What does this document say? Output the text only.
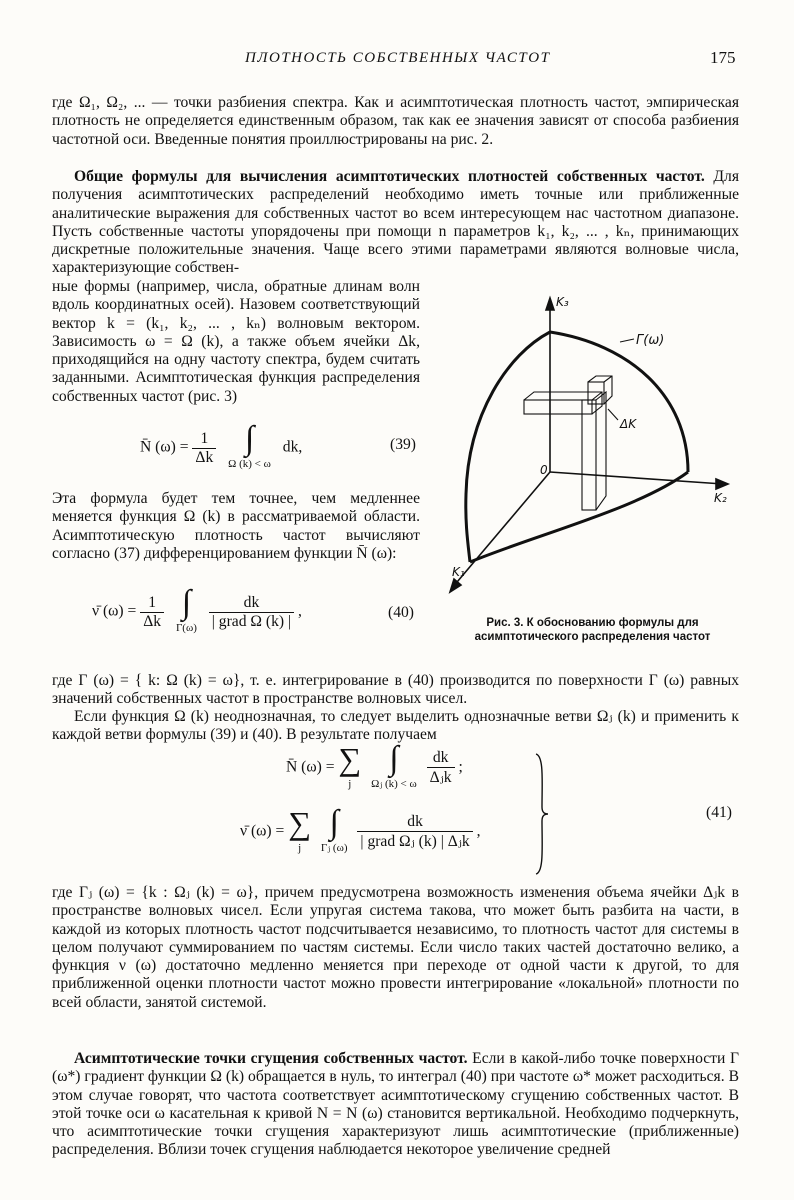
ПЛОТНОСТЬ СОБСТВЕННЫХ ЧАСТОТ	175

где Ω₁, Ω₂, ... — точки разбиения спектра. Как и асимптотическая плотность частот, эмпирическая плотность не определяется единственным образом, так как ее значения зависят от способа разбиения частотной оси. Введенные понятия проиллюстрированы на рис. 2.

Общие формулы для вычисления асимптотических плотностей собственных частот. Для получения асимптотических распределений необходимо иметь точные или приближенные аналитические выражения для собственных частот во всем интересующем нас частотном диапазоне. Пусть собственные частоты упорядочены при помощи n параметров k₁, k₂, ... , kₙ, принимающих дискретные положительные значения. Чаще всего этими параметрами являются волновые числа, характеризующие собствен-

ные формы (например, числа, обратные длинам волн вдоль координатных осей). Назовем соответствующий вектор k = (k₁, k₂, ... , kₙ) волновым вектором. Зависимость ω = Ω (k), а также объем ячейки Δk, приходящийся на одну частоту спектра, будем считать заданными. Асимптотическая функция распределения собственных частот (рис. 3)

N̄ $(\omega) = \frac{1}{\Delta k}$ ∫
Ω (k) < ω dk,	(39)

Эта формула будет тем точнее, чем медленнее меняется функция Ω (k) в рассматриваемой области. Асимптотическую плотность частот вычисляют согласно (37) дифференцированием функции N̄ (ω):

ν̄ $(\omega) = \frac{1}{\Delta k}$ ∫
$\Gamma(\omega) \frac{dk}{\text{| grad Ω (k) |}}$ ,	(40)
K₃
K₂
K₁
0
Γ(ω)
ΔK
Рис. 3. К обоснованию формулы для асимптотического распределения частот

где Γ (ω) = { k: Ω (k) = ω}, т. е. интегрирование в (40) производится по поверхности Γ (ω) равных значений собственных частот в пространстве волновых чисел.

Если функция Ω (k) неоднозначная, то следует выделить однозначные ветви Ωⱼ (k) и применить к каждой ветви формулы (39) и (40). В результате получаем

N̄ (ω) = ∑
j ∫
Ωⱼ (k) < ω $\frac{dk}{\text{Δⱼk}}$ ;
ν̄ (ω) = ∑
j ∫
Γⱼ $(\omega) \frac{dk}{\text{| grad Ωⱼ (k) | Δⱼk}}$ ,
(41)

где Γⱼ (ω) = {k : Ωⱼ (k) = ω}, причем предусмотрена возможность изменения объема ячейки Δⱼk в пространстве волновых чисел. Если упругая система такова, что может быть разбита на части, в каждой из которых плотность частот подсчитывается независимо, то плотность частот для системы в целом получают суммированием по частям системы. Если число таких частей достаточно велико, а функция ν (ω) достаточно медленно меняется при переходе от одной части к другой, то для приближенной оценки плотности частот можно провести интегрирование «локальной» плотности по всей области, занятой системой.

Асимптотические точки сгущения собственных частот. Если в какой-либо точке поверхности Γ (ω*) градиент функции Ω (k) обращается в нуль, то интеграл (40) при частоте ω* может расходиться. В этом случае говорят, что частота соответствует асимптотическому сгущению собственных частот. В этой точке оси ω касательная к кривой N = N (ω) становится вертикальной. Необходимо подчеркнуть, что асимптотические точки сгущения характеризуют лишь асимптотические (приближенные) распределения. Вблизи точек сгущения наблюдается некоторое увеличение средней
